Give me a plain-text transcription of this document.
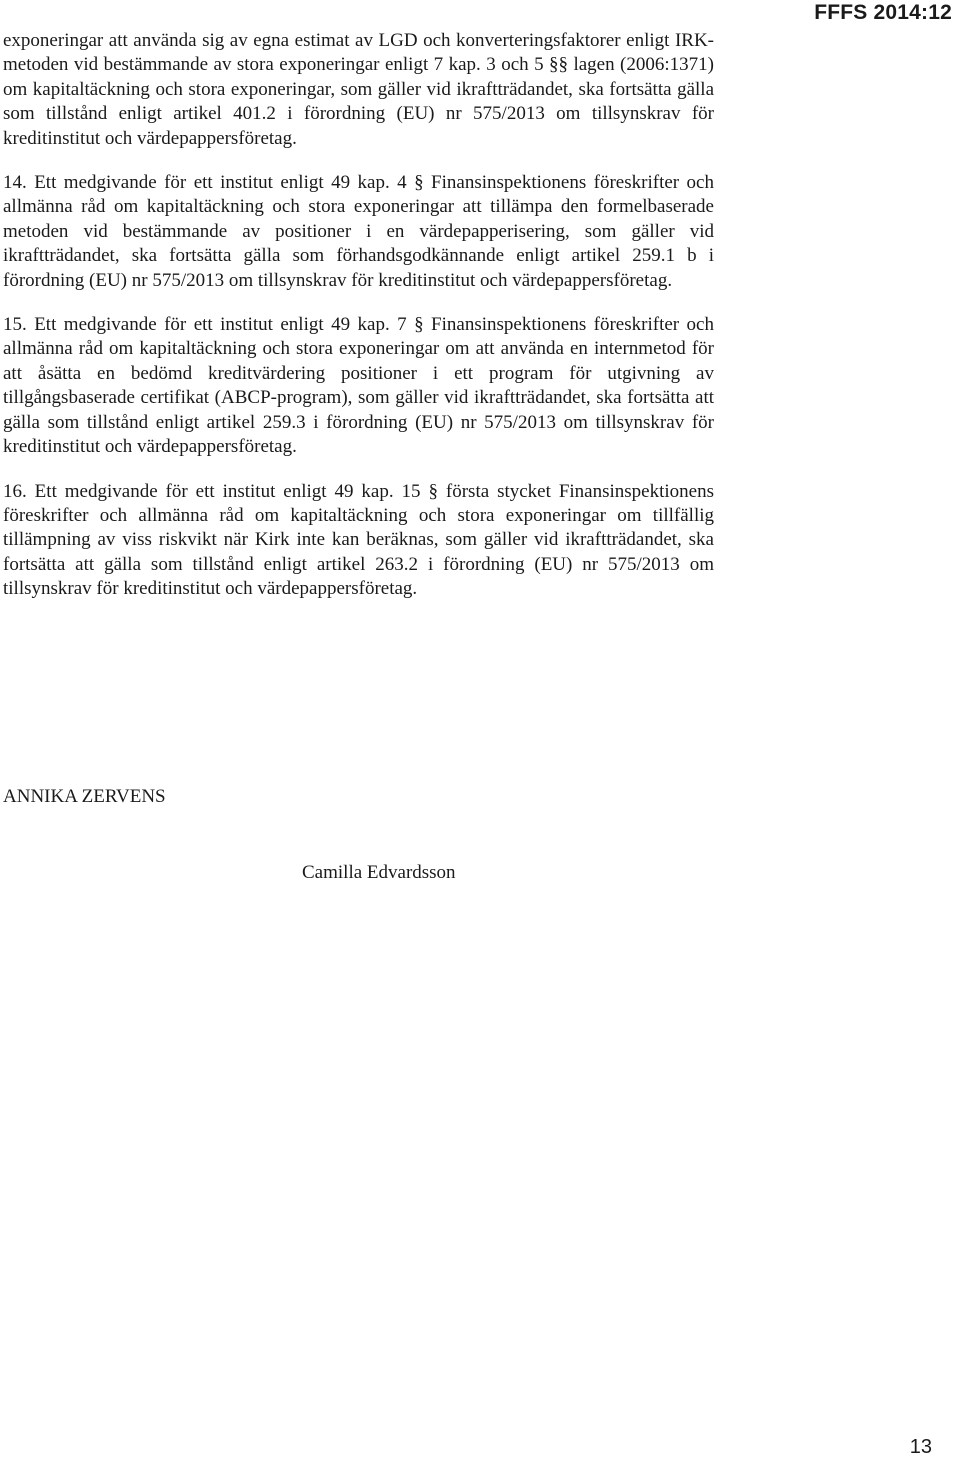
FFFS 2014:12

exponeringar att använda sig av egna estimat av LGD och konverteringsfaktorer enligt IRK-metoden vid bestämmande av stora exponeringar enligt 7 kap. 3 och 5 §§ lagen (2006:1371) om kapitaltäckning och stora exponeringar, som gäller vid ikraftträdandet, ska fortsätta gälla som tillstånd enligt artikel 401.2 i förordning (EU) nr 575/2013 om tillsynskrav för kreditinstitut och värdepappersföretag.

14. Ett medgivande för ett institut enligt 49 kap. 4 § Finansinspektionens föreskrifter och allmänna råd om kapitaltäckning och stora exponeringar att tillämpa den formelbaserade metoden vid bestämmande av positioner i en värdepapperisering, som gäller vid ikraftträdandet, ska fortsätta gälla som förhandsgodkännande enligt artikel 259.1 b i förordning (EU) nr 575/2013 om tillsynskrav för kreditinstitut och värdepappersföretag.

15. Ett medgivande för ett institut enligt 49 kap. 7 § Finansinspektionens föreskrifter och allmänna råd om kapitaltäckning och stora exponeringar om att använda en internmetod för att åsätta en bedömd kreditvärdering positioner i ett program för utgivning av tillgångsbaserade certifikat (ABCP-program), som gäller vid ikraftträdandet, ska fortsätta att gälla som tillstånd enligt artikel 259.3 i förordning (EU) nr 575/2013 om tillsynskrav för kreditinstitut och värdepappersföretag.

16. Ett medgivande för ett institut enligt 49 kap. 15 § första stycket Finansinspektionens föreskrifter och allmänna råd om kapitaltäckning och stora exponeringar om tillfällig tillämpning av viss riskvikt när Kirk inte kan beräknas, som gäller vid ikraftträdandet, ska fortsätta att gälla som tillstånd enligt artikel 263.2 i förordning (EU) nr 575/2013 om tillsynskrav för kreditinstitut och värdepappersföretag.

ANNIKA ZERVENS
Camilla Edvardsson
13
